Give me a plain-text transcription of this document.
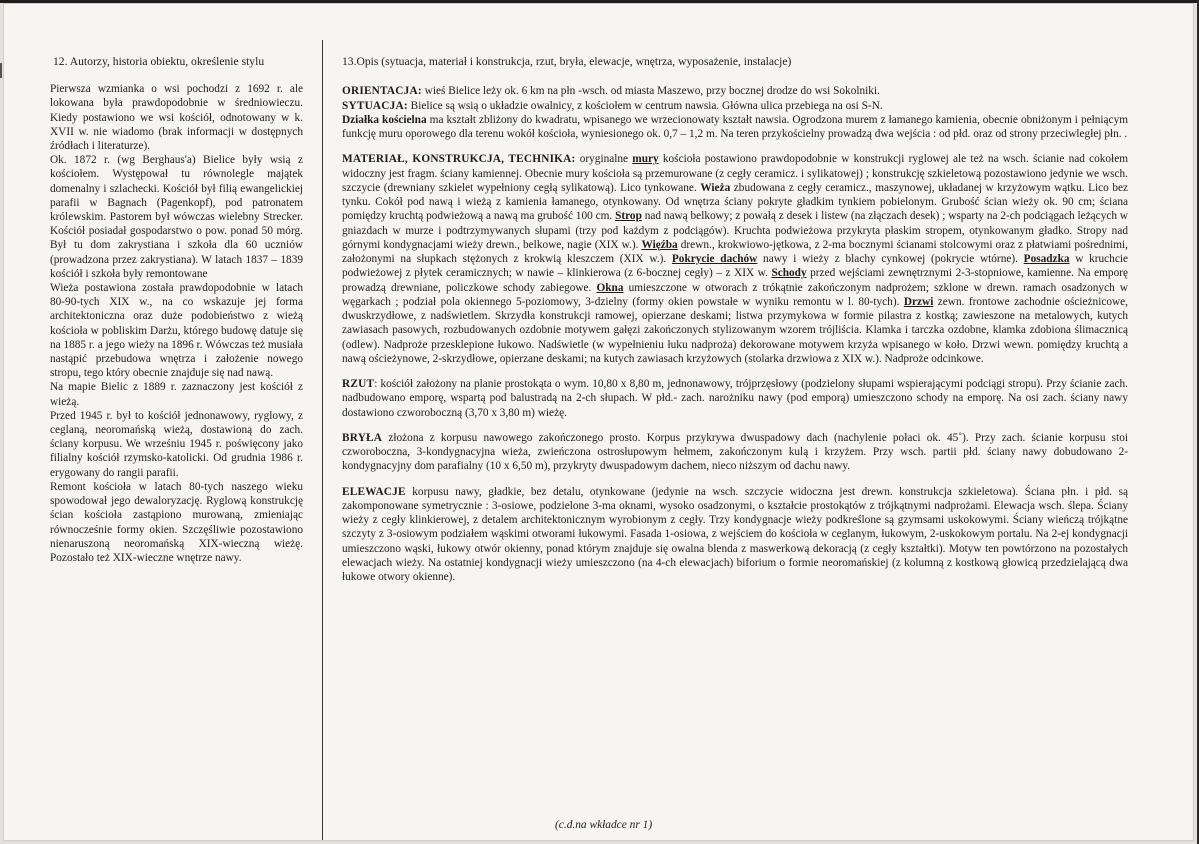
12. Autorzy, historia obiektu, określenie stylu

Pierwsza wzmianka o wsi pochodzi z 1692 r. ale lokowana była prawdopodobnie w średniowieczu. Kiedy postawiono we wsi kościół, odnotowany w k. XVII w. nie wiadomo (brak informacji w dostępnych źródłach i literaturze).

Ok. 1872 r. (wg Berghaus'a) Bielice były wsią z kościołem. Występował tu równolegle majątek domenalny i szlachecki. Kościół był filią ewangelickiej parafii w Bagnach (Pagenkopf), pod patronatem królewskim. Pastorem był wówczas wielebny Strecker. Kościół posiadał gospodarstwo o pow. ponad 50 mórg. Był tu dom zakrystiana i szkoła dla 60 uczniów (prowadzona przez zakrystiana). W latach 1837 – 1839 kościół i szkoła były remontowane

Wieża postawiona została prawdopodobnie w latach 80-90-tych XIX w., na co wskazuje jej forma architektoniczna oraz duże podobieństwo z wieżą kościoła w pobliskim Darżu, którego budowę datuje się na 1885 r. a jego wieży na 1896 r. Wówczas też musiała nastąpić przebudowa wnętrza i założenie nowego stropu, tego który obecnie znajduje się nad nawą.

Na mapie Bielic z 1889 r. zaznaczony jest kościół z wieżą.

Przed 1945 r. był to kościół jednonawowy, ryglowy, z ceglaną, neoromańską wieżą, dostawioną do zach. ściany korpusu. We wrześniu 1945 r. poświęcony jako filialny kościół rzymsko-katolicki. Od grudnia 1986 r. erygowany do rangii parafii.

Remont kościoła w latach 80-tych naszego wieku spowodował jego dewaloryzację. Ryglową konstrukcję ścian kościoła zastąpiono murowaną, zmieniając równocześnie formy okien. Szczęśliwie pozostawiono nienaruszoną neoromańską XIX-wieczną wieżę. Pozostało też XIX-wieczne wnętrze nawy.

13.Opis (sytuacja, materiał i konstrukcja, rzut, bryła, elewacje, wnętrza, wyposażenie, instalacje)

ORIENTACJA: wieś Bielice leży ok. 6 km na płn -wsch. od miasta Maszewo, przy bocznej drodze do wsi Sokolniki.

SYTUACJA: Bielice są wsią o układzie owalnicy, z kościołem w centrum nawsia. Główna ulica przebiega na osi S-N.

Działka kościelna ma kształt zbliżony do kwadratu, wpisanego we wrzecionowaty kształt nawsia. Ogrodzona murem z łamanego kamienia, obecnie obniżonym i pełniącym funkcję muru oporowego dla terenu wokół kościoła, wyniesionego ok. 0,7 – 1,2 m. Na teren przykościelny prowadzą dwa wejścia : od płd. oraz od strony przeciwległej płn. .

MATERIAŁ, KONSTRUKCJA, TECHNIKA: oryginalne mury kościoła postawiono prawdopodobnie w konstrukcji ryglowej ale też na wsch. ścianie nad cokołem widoczny jest fragm. ściany kamiennej. Obecnie mury kościoła są przemurowane (z cegły ceramicz. i sylikatowej) ; konstrukcję szkieletową pozostawiono jedynie we wsch. szczycie (drewniany szkielet wypełniony cegłą sylikatową). Lico tynkowane. Wieża zbudowana z cegły ceramicz., maszynowej, układanej w krzyżowym wątku. Lico bez tynku. Cokół pod nawą i wieżą z kamienia łamanego, otynkowany. Od wnętrza ściany pokryte gładkim tynkiem pobielonym. Grubość ścian wieży ok. 90 cm; ściana pomiędzy kruchtą podwieżową a nawą ma grubość 100 cm. Strop nad nawą belkowy; z powałą z desek i listew (na złączach desek) ; wsparty na 2-ch podciągach leżących w gniazdach w murze i podtrzymywanych słupami (trzy pod każdym z podciągów). Kruchta podwieżowa przykryta płaskim stropem, otynkowanym gładko. Stropy nad górnymi kondygnacjami wieży drewn., belkowe, nagie (XIX w.). Więźba drewn., krokwiowo-jętkowa, z 2-ma bocznymi ścianami stolcowymi oraz z płatwiami pośrednimi, założonymi na słupkach stężonych z krokwią kleszczem (XIX w.). Pokrycie dachów nawy i wieży z blachy cynkowej (pokrycie wtórne). Posadzka w kruchcie podwieżowej z płytek ceramicznych; w nawie – klinkierowa (z 6-bocznej cegły) – z XIX w. Schody przed wejściami zewnętrznymi 2-3-stopniowe, kamienne. Na emporę prowadzą drewniane, policzkowe schody zabiegowe. Okna umieszczone w otworach z trókątnie zakończonym nadprożem; szklone w drewn. ramach osadzonych w węgarkach ; podział pola okiennego 5-poziomowy, 3-dzielny (formy okien powstałe w wyniku remontu w l. 80-tych). Drzwi zewn. frontowe zachodnie ościeżnicowe, dwuskrzydłowe, z nadświetlem. Skrzydła konstrukcji ramowej, opierzane deskami; listwa przymykowa w formie pilastra z kostką; zawieszone na metalowych, kutych zawiasach pasowych, rozbudowanych ozdobnie motywem gałęzi zakończonych stylizowanym wzorem trójliścia. Klamka i tarczka ozdobne, klamka zdobiona ślimacznicą (odlew). Nadproże przesklepione łukowo. Nadświetle (w wypełnieniu łuku nadproża) dekorowane motywem krzyża wpisanego w koło. Drzwi wewn. pomiędzy kruchtą a nawą ościeżynowe, 2-skrzydłowe, opierzane deskami; na kutych zawiasach krzyżowych (stolarka drzwiowa z XIX w.). Nadproże odcinkowe.

RZUT: kościół założony na planie prostokąta o wym. 10,80 x 8,80 m, jednonawowy, trójprzęsłowy (podzielony słupami wspierającymi podciągi stropu). Przy ścianie zach. nadbudowano emporę, wspartą pod balustradą na 2-ch słupach. W płd.- zach. narożniku nawy (pod emporą) umieszczono schody na emporę. Na osi zach. ściany nawy dostawiono czworoboczną (3,70 x 3,80 m) wieżę.

BRYŁA złożona z korpusu nawowego zakończonego prosto. Korpus przykrywa dwuspadowy dach (nachylenie połaci ok. 45˚). Przy zach. ścianie korpusu stoi czworoboczna, 3-kondygnacyjna wieża, zwieńczona ostrosłupowym hełmem, zakończonym kulą i krzyżem. Przy wsch. partii płd. ściany nawy dobudowano 2-kondygnacyjny dom parafialny (10 x 6,50 m), przykryty dwuspadowym dachem, nieco niższym od dachu nawy.

ELEWACJE korpusu nawy, gładkie, bez detalu, otynkowane (jedynie na wsch. szczycie widoczna jest drewn. konstrukcja szkieletowa). Ściana płn. i płd. są zakomponowane symetrycznie : 3-osiowe, podzielone 3-ma oknami, wysoko osadzonymi, o kształcie prostokątów z trójkątnymi nadprożami. Elewacja wsch. ślepa. Ściany wieży z cegły klinkierowej, z detalem architektonicznym wyrobionym z cegły. Trzy kondygnacje wieży podkreślone są gzymsami uskokowymi. Ściany wieńczą trójkątne szczyty z 3-osiowym podziałem wąskimi otworami łukowymi. Fasada 1-osiowa, z wejściem do kościoła w ceglanym, łukowym, 2-uskokowym portalu. Na 2-ej kondygnacji umieszczono wąski, łukowy otwór okienny, ponad którym znajduje się owalna blenda z maswerkową dekoracją (z cegły kształtki). Motyw ten powtórzono na pozostałych elewacjach wieży. Na ostatniej kondygnacji wieży umieszczono (na 4-ch elewacjach) biforium o formie neoromańskiej (z kolumną z kostkową głowicą przedzielającą dwa łukowe otwory okienne).

(c.d.na wkładce nr 1)
